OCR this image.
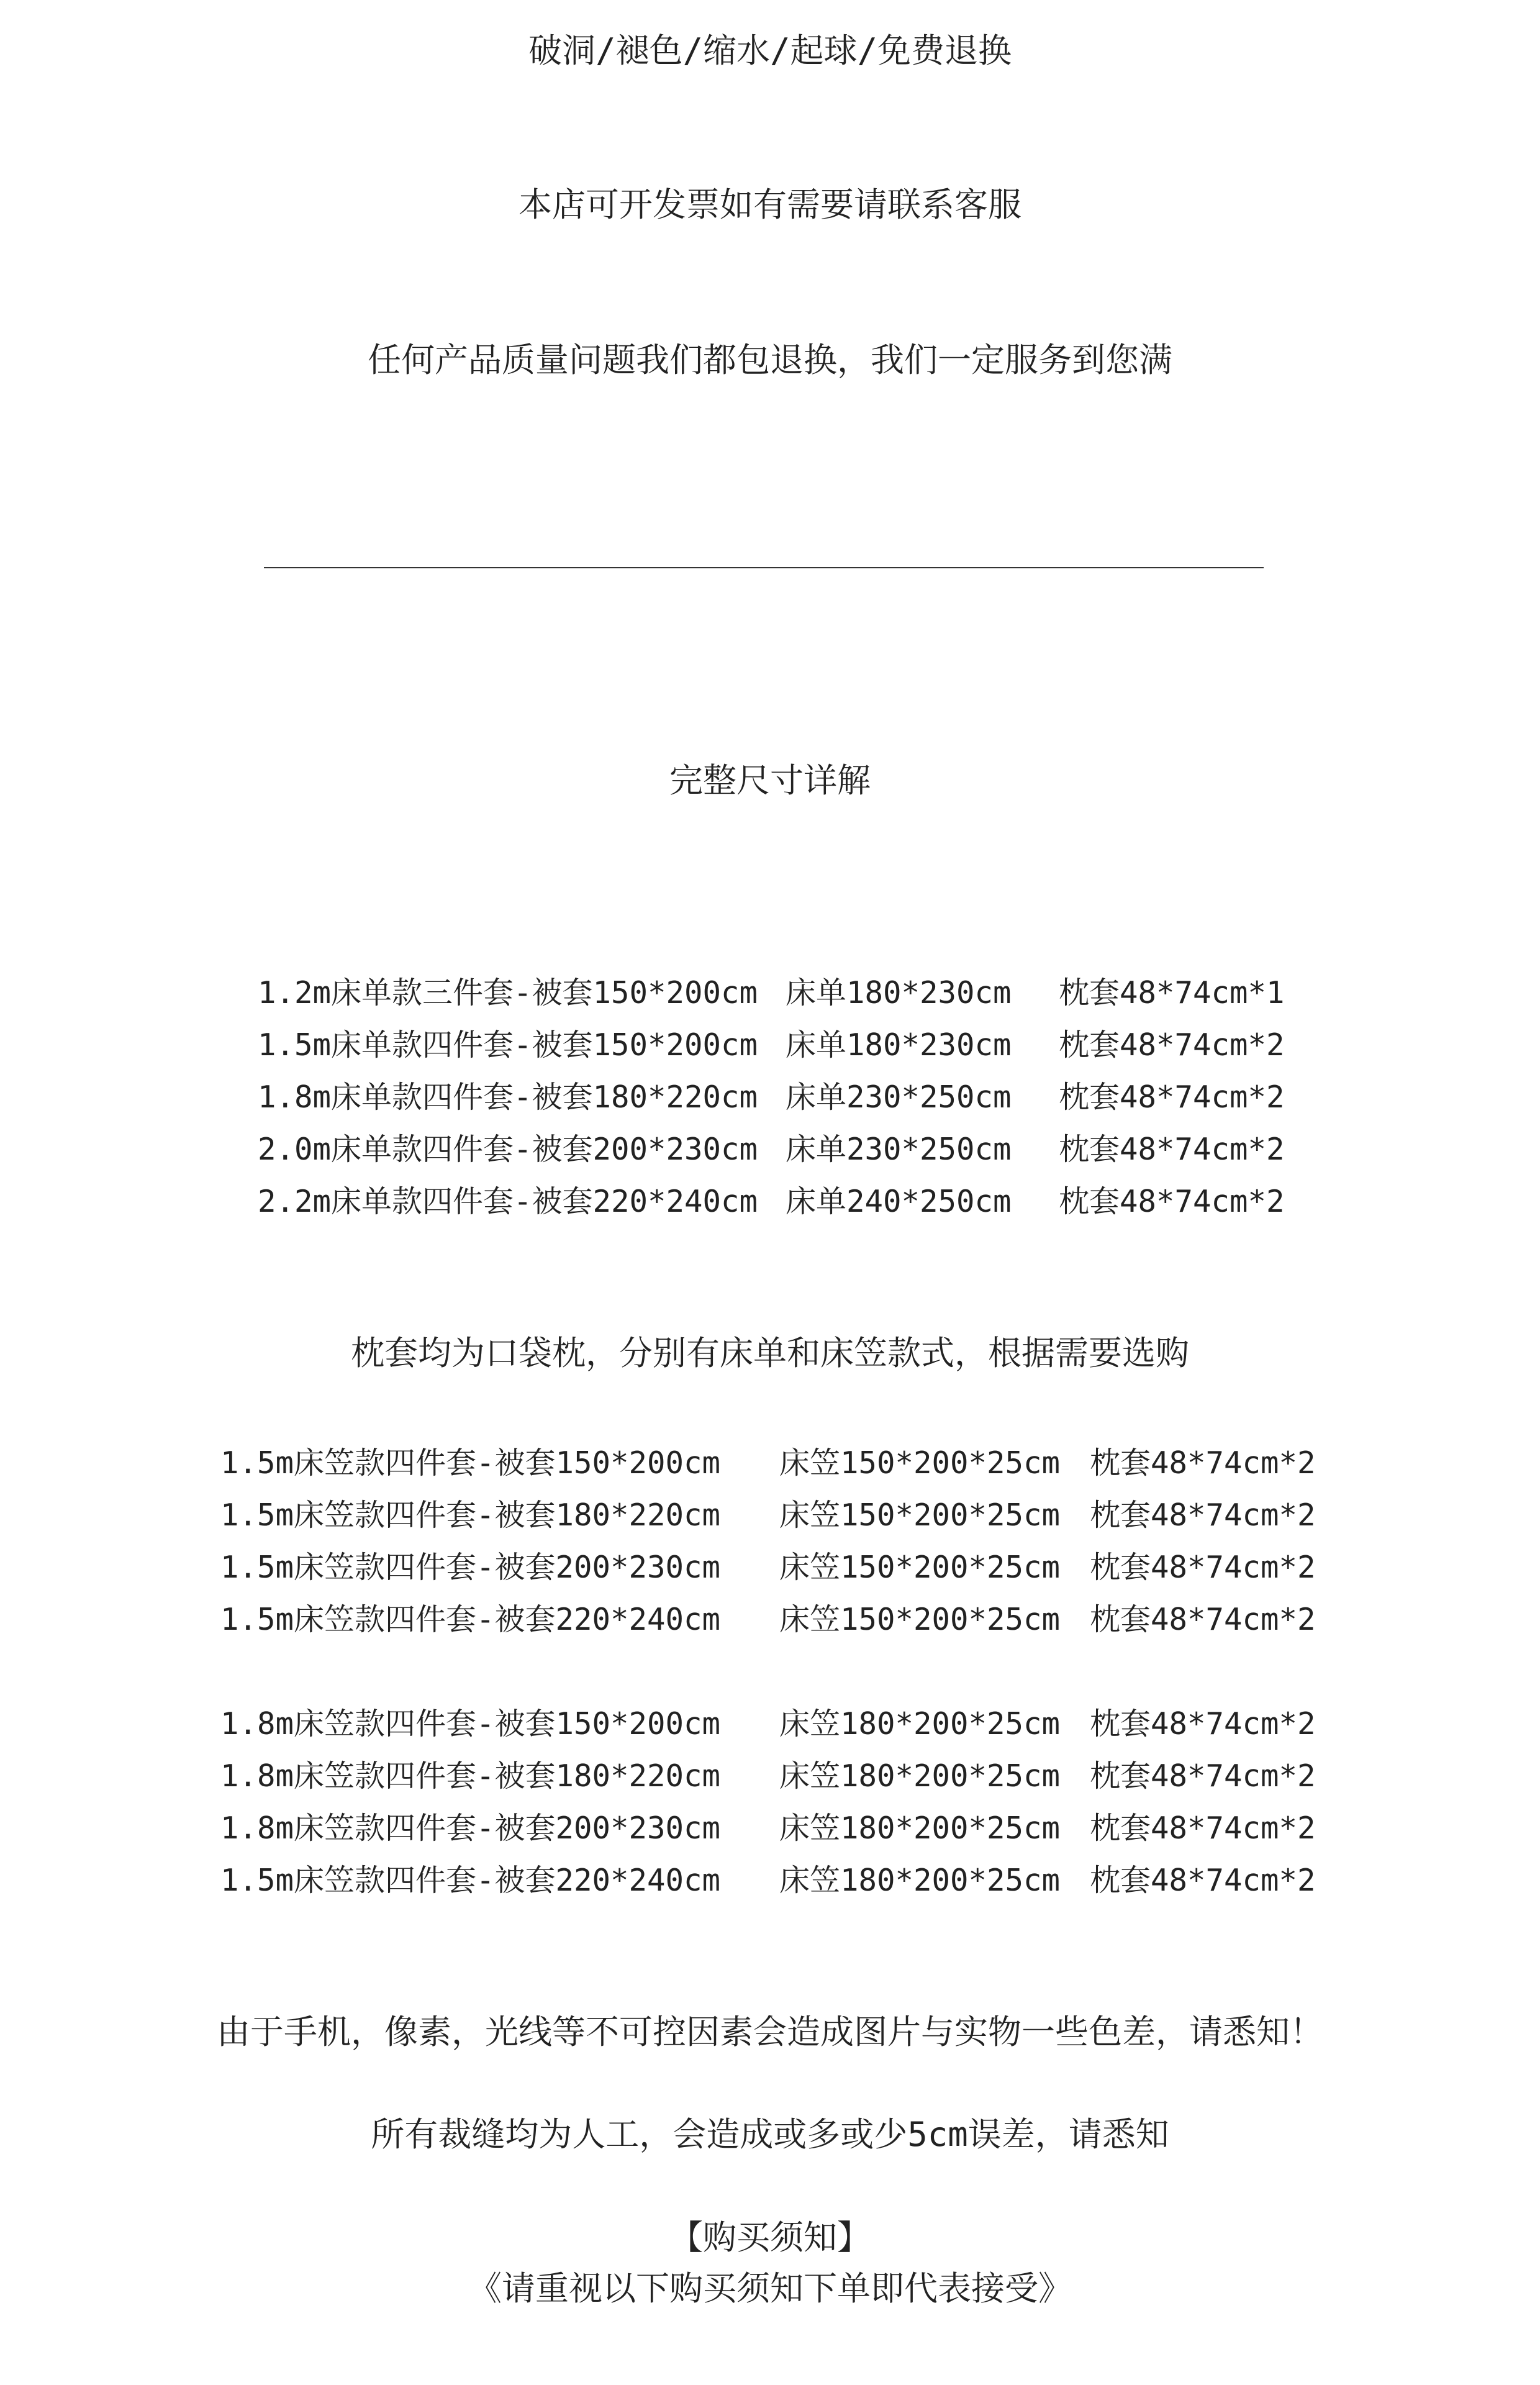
破洞/褪色/缩水/起球/免费退换
本店可开发票如有需要请联系客服
任何产品质量问题我们都包退换，我们一定服务到您满
完整尺寸详解
1.2m床单款三件套-被套150*200cm 床单180*230cm	枕套48*74cm*1
1.5m床单款四件套-被套150*200cm 床单180*230cm	枕套48*74cm*2
1.8m床单款四件套-被套180*220cm 床单230*250cm	枕套48*74cm*2
2.0m床单款四件套-被套200*230cm 床单230*250cm	枕套48*74cm*2
2.2m床单款四件套-被套220*240cm 床单240*250cm	枕套48*74cm*2
枕套均为口袋枕，分别有床单和床笠款式，根据需要选购
1.5m床笠款四件套-被套150*200cm	床笠150*200*25cm 枕套48*74cm*2
1.5m床笠款四件套-被套180*220cm	床笠150*200*25cm 枕套48*74cm*2
1.5m床笠款四件套-被套200*230cm	床笠150*200*25cm 枕套48*74cm*2
1.5m床笠款四件套-被套220*240cm	床笠150*200*25cm 枕套48*74cm*2
1.8m床笠款四件套-被套150*200cm	床笠180*200*25cm 枕套48*74cm*2
1.8m床笠款四件套-被套180*220cm	床笠180*200*25cm 枕套48*74cm*2
1.8m床笠款四件套-被套200*230cm	床笠180*200*25cm 枕套48*74cm*2
1.5m床笠款四件套-被套220*240cm	床笠180*200*25cm 枕套48*74cm*2
由于手机，像素，光线等不可控因素会造成图片与实物一些色差，请悉知！
所有裁缝均为人工，会造成或多或少5cm误差，请悉知
【购买须知】
《请重视以下购买须知下单即代表接受》
